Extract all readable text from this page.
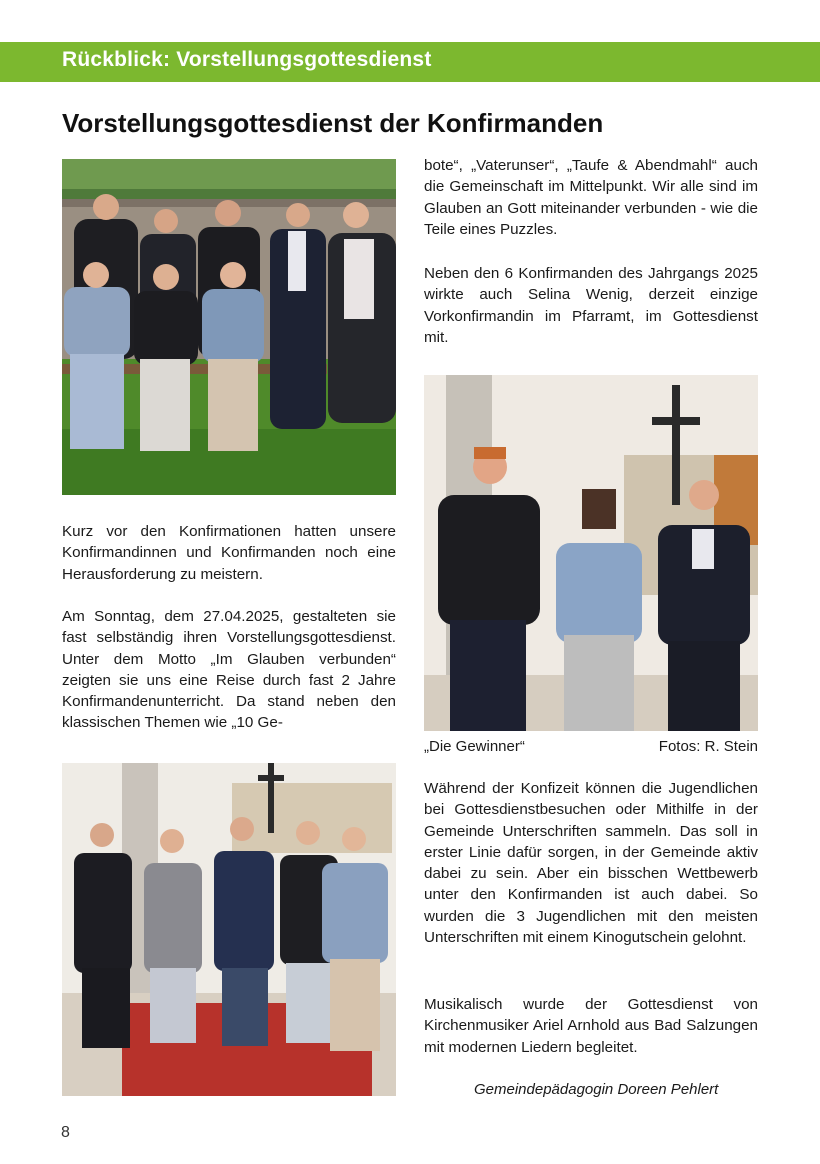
Rückblick: Vorstellungsgottesdienst
Vorstellungsgottesdienst der Konfirmanden

Kurz vor den Konfirmationen hatten unsere Konfirmandinnen und Konfirmanden noch eine Herausforderung zu meistern.

Am Sonntag, dem 27.04.2025, gestalteten sie fast selbständig ihren Vorstellungsgottesdienst. Unter dem Motto „Im Glauben verbunden“ zeigten sie uns eine Reise durch fast 2 Jahre Konfirmandenunterricht. Da stand neben den klassischen Themen wie „10 Ge-

bote“, „Vaterunser“, „Taufe & Abendmahl“ auch die Gemeinschaft im Mittelpunkt. Wir alle sind im Glauben an Gott miteinander verbunden - wie die Teile eines Puzzles.

Neben den 6 Konfirmanden des Jahrgangs 2025 wirkte auch Selina Wenig, derzeit einzige Vorkonfirmandin im Pfarramt, im Gottesdienst mit.

„Die Gewinner“	Fotos: R. Stein

Während der Konfizeit können die Jugendlichen bei Gottesdienstbesuchen oder Mithilfe in der Gemeinde Unterschriften sammeln. Das soll in erster Linie dafür sorgen, in der Gemeinde aktiv dabei zu sein. Aber ein bisschen Wettbewerb unter den Konfirmanden ist auch dabei. So wurden die 3 Jugendlichen mit den meisten Unterschriften mit einem Kinogutschein gelohnt.

Musikalisch wurde der Gottesdienst von Kirchenmusiker Ariel Arnhold aus Bad Salzungen mit modernen Liedern begleitet.

Gemeindepädagogin Doreen Pehlert
8
